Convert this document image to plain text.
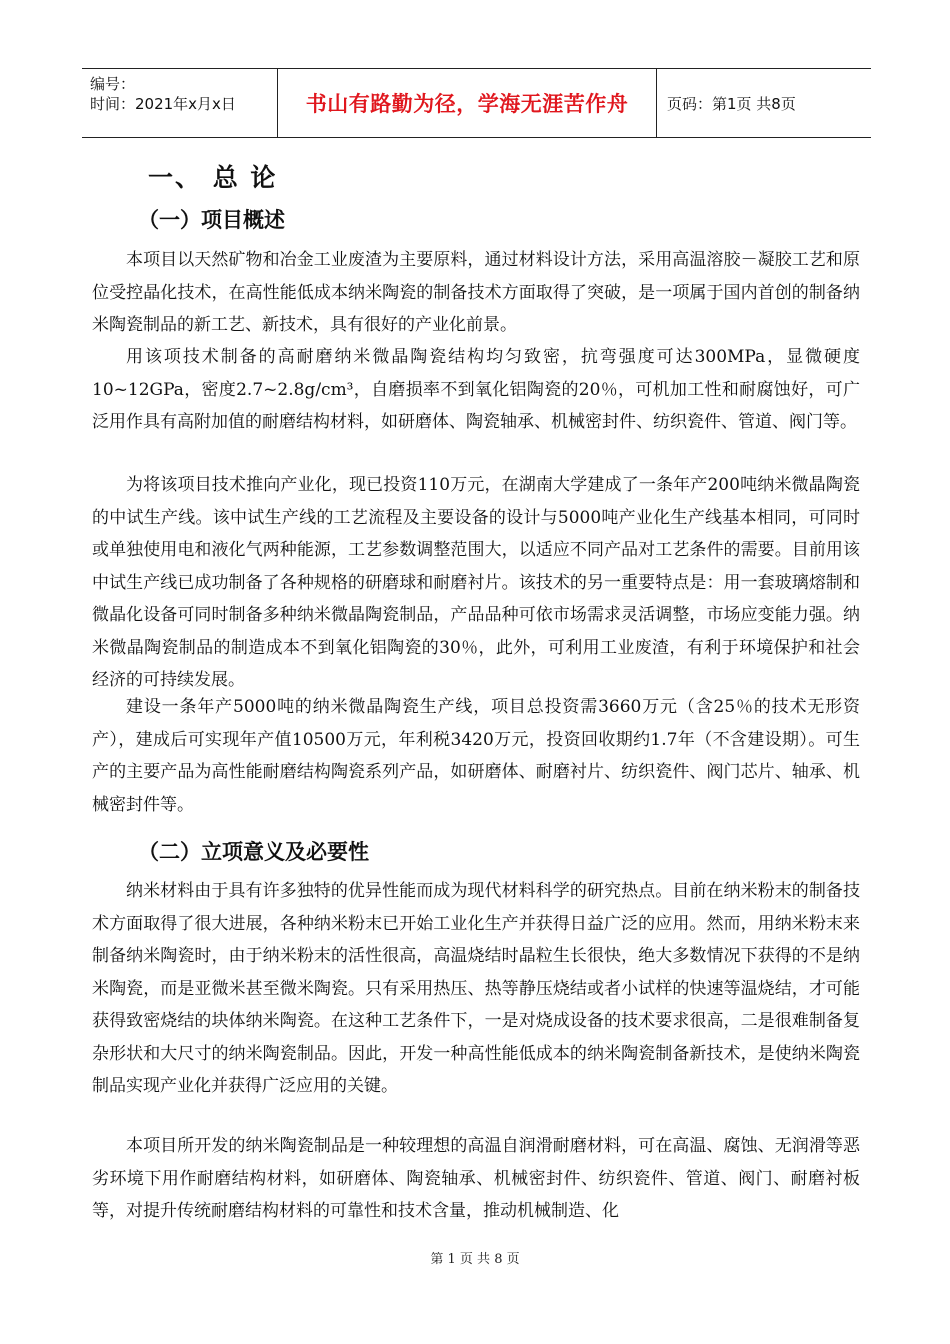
编号：
时间：2021年x月x日	书山有路勤为径，学海无涯苦作舟	页码：第1页 共8页
一、 总 论
（一）项目概述

本项目以天然矿物和冶金工业废渣为主要原料，通过材料设计方法，采用高温溶胶－凝胶工艺和原位受控晶化技术，在高性能低成本纳米陶瓷的制备技术方面取得了突破，是一项属于国内首创的制备纳米陶瓷制品的新工艺、新技术，具有很好的产业化前景。

用该项技术制备的高耐磨纳米微晶陶瓷结构均匀致密，抗弯强度可达300MPa，显微硬度10~12GPa，密度2.7~2.8g/cm³，自磨损率不到氧化铝陶瓷的20％，可机加工性和耐腐蚀好，可广泛用作具有高附加值的耐磨结构材料，如研磨体、陶瓷轴承、机械密封件、纺织瓷件、管道、阀门等。

为将该项目技术推向产业化，现已投资110万元，在湖南大学建成了一条年产200吨纳米微晶陶瓷的中试生产线。该中试生产线的工艺流程及主要设备的设计与5000吨产业化生产线基本相同，可同时或单独使用电和液化气两种能源，工艺参数调整范围大，以适应不同产品对工艺条件的需要。目前用该中试生产线已成功制备了各种规格的研磨球和耐磨衬片。该技术的另一重要特点是：用一套玻璃熔制和微晶化设备可同时制备多种纳米微晶陶瓷制品，产品品种可依市场需求灵活调整，市场应变能力强。纳米微晶陶瓷制品的制造成本不到氧化铝陶瓷的30％，此外，可利用工业废渣，有利于环境保护和社会经济的可持续发展。

建设一条年产5000吨的纳米微晶陶瓷生产线，项目总投资需3660万元（含25％的技术无形资产），建成后可实现年产值10500万元，年利税3420万元，投资回收期约1.7年（不含建设期）。可生产的主要产品为高性能耐磨结构陶瓷系列产品，如研磨体、耐磨衬片、纺织瓷件、阀门芯片、轴承、机械密封件等。

（二）立项意义及必要性

纳米材料由于具有许多独特的优异性能而成为现代材料科学的研究热点。目前在纳米粉末的制备技术方面取得了很大进展，各种纳米粉末已开始工业化生产并获得日益广泛的应用。然而，用纳米粉末来制备纳米陶瓷时，由于纳米粉末的活性很高，高温烧结时晶粒生长很快，绝大多数情况下获得的不是纳米陶瓷，而是亚微米甚至微米陶瓷。只有采用热压、热等静压烧结或者小试样的快速等温烧结，才可能获得致密烧结的块体纳米陶瓷。在这种工艺条件下，一是对烧成设备的技术要求很高，二是很难制备复杂形状和大尺寸的纳米陶瓷制品。因此，开发一种高性能低成本的纳米陶瓷制备新技术，是使纳米陶瓷制品实现产业化并获得广泛应用的关键。

本项目所开发的纳米陶瓷制品是一种较理想的高温自润滑耐磨材料，可在高温、腐蚀、无润滑等恶劣环境下用作耐磨结构材料，如研磨体、陶瓷轴承、机械密封件、纺织瓷件、管道、阀门、耐磨衬板等，对提升传统耐磨结构材料的可靠性和技术含量，推动机械制造、化

第 1 页 共 8 页
